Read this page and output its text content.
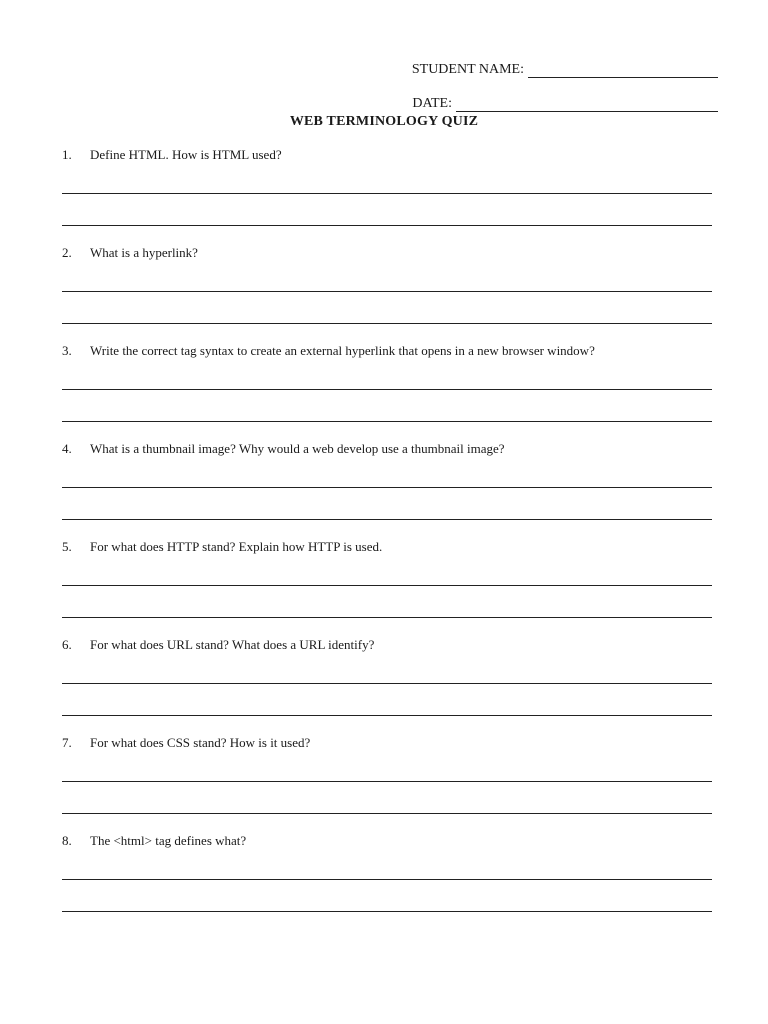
STUDENT NAME:
DATE:
WEB TERMINOLOGY QUIZ
1.	Define HTML. How is HTML used?
2.	What is a hyperlink?
3.	Write the correct tag syntax to create an external hyperlink that opens in a new browser window?
4.	What is a thumbnail image? Why would a web develop use a thumbnail image?
5.	For what does HTTP stand? Explain how HTTP is used.
6.	For what does URL stand? What does a URL identify?
7.	For what does CSS stand? How is it used?
8.	The <html> tag defines what?
